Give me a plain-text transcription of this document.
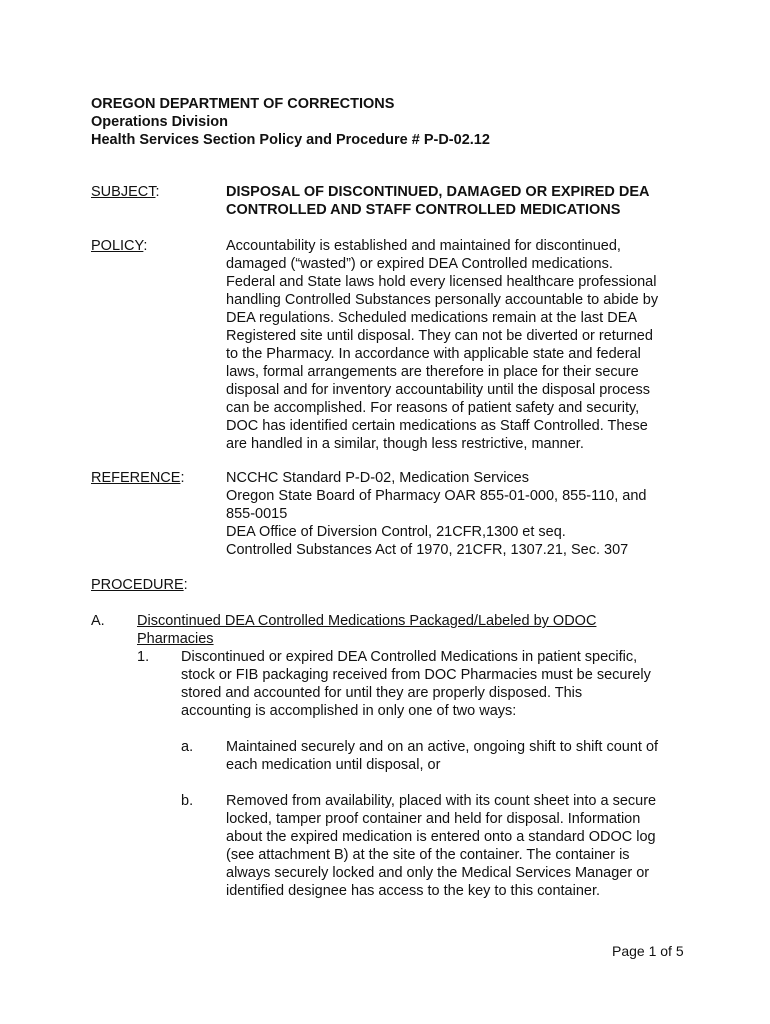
OREGON DEPARTMENT OF CORRECTIONS
Operations Division
Health Services Section Policy and Procedure # P-D-02.12
SUBJECT:	DISPOSAL OF DISCONTINUED, DAMAGED OR EXPIRED DEA
CONTROLLED AND STAFF CONTROLLED MEDICATIONS
POLICY:	Accountability is established and maintained for discontinued,
damaged (“wasted”) or expired DEA Controlled medications.
Federal and State laws hold every licensed healthcare professional
handling Controlled Substances personally accountable to abide by
DEA regulations. Scheduled medications remain at the last DEA
Registered site until disposal. They can not be diverted or returned
to the Pharmacy. In accordance with applicable state and federal
laws, formal arrangements are therefore in place for their secure
disposal and for inventory accountability until the disposal process
can be accomplished. For reasons of patient safety and security,
DOC has identified certain medications as Staff Controlled. These
are handled in a similar, though less restrictive, manner.
REFERENCE:	NCCHC Standard P-D-02, Medication Services
Oregon State Board of Pharmacy OAR 855-01-000, 855-110, and
855-0015
DEA Office of Diversion Control, 21CFR,1300 et seq.
Controlled Substances Act of 1970, 21CFR, 1307.21, Sec. 307
PROCEDURE:
A. Discontinued DEA Controlled Medications Packaged/Labeled by ODOC
Pharmacies
1. Discontinued or expired DEA Controlled Medications in patient specific,
stock or FIB packaging received from DOC Pharmacies must be securely
stored and accounted for until they are properly disposed. This
accounting is accomplished in only one of two ways:
a. Maintained securely and on an active, ongoing shift to shift count of
each medication until disposal, or
b. Removed from availability, placed with its count sheet into a secure
locked, tamper proof container and held for disposal. Information
about the expired medication is entered onto a standard ODOC log
(see attachment B) at the site of the container. The container is
always securely locked and only the Medical Services Manager or
identified designee has access to the key to this container.
Page 1 of 5
